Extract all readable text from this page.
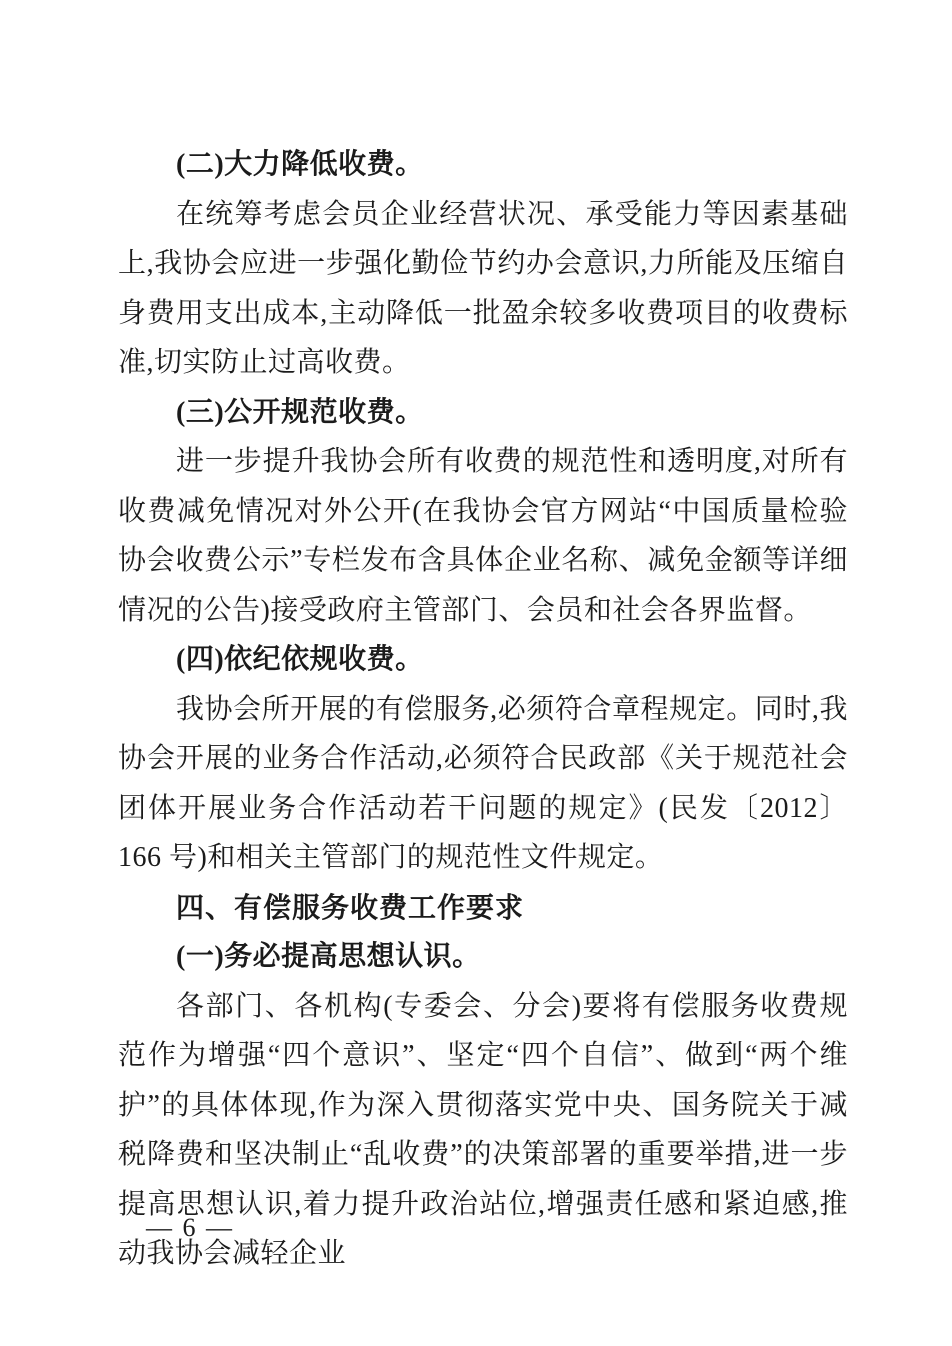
(二)大力降低收费。

在统筹考虑会员企业经营状况、承受能力等因素基础上,我协会应进一步强化勤俭节约办会意识,力所能及压缩自身费用支出成本,主动降低一批盈余较多收费项目的收费标准,切实防止过高收费。

(三)公开规范收费。

进一步提升我协会所有收费的规范性和透明度,对所有收费减免情况对外公开(在我协会官方网站“中国质量检验协会收费公示”专栏发布含具体企业名称、减免金额等详细情况的公告)接受政府主管部门、会员和社会各界监督。

(四)依纪依规收费。

我协会所开展的有偿服务,必须符合章程规定。同时,我协会开展的业务合作活动,必须符合民政部《关于规范社会团体开展业务合作活动若干问题的规定》(民发〔2012〕166 号)和相关主管部门的规范性文件规定。

四、有偿服务收费工作要求
(一)务必提高思想认识。

各部门、各机构(专委会、分会)要将有偿服务收费规范作为增强“四个意识”、坚定“四个自信”、做到“两个维护”的具体体现,作为深入贯彻落实党中央、国务院关于减税降费和坚决制止“乱收费”的决策部署的重要举措,进一步提高思想认识,着力提升政治站位,增强责任感和紧迫感,推动我协会减轻企业

— 6 —
